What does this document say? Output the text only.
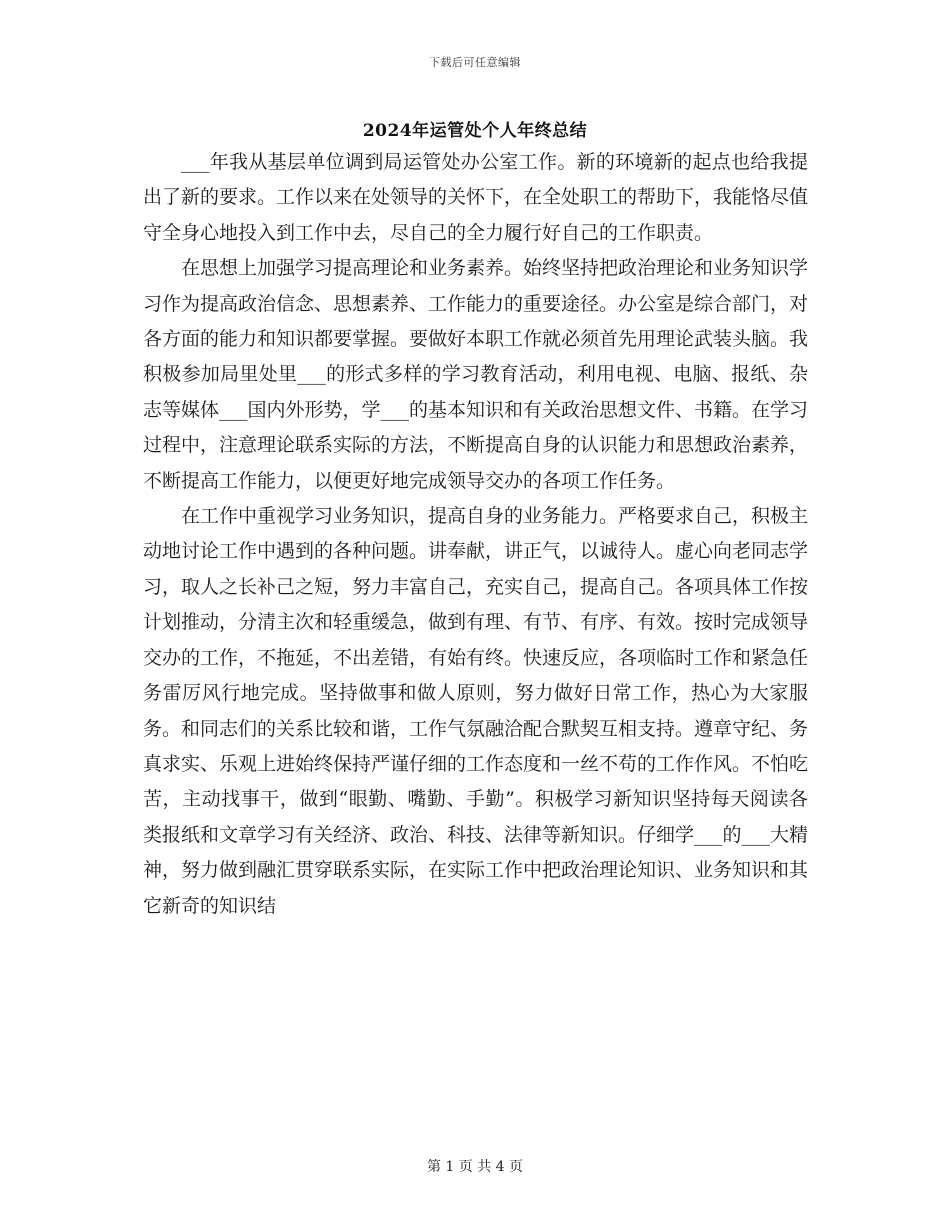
下载后可任意编辑
2024年运管处个人年终总结

___年我从基层单位调到局运管处办公室工作。新的环境新的起点也给我提出了新的要求。工作以来在处领导的关怀下，在全处职工的帮助下，我能恪尽值守全身心地投入到工作中去，尽自己的全力履行好自己的工作职责。

在思想上加强学习提高理论和业务素养。始终坚持把政治理论和业务知识学习作为提高政治信念、思想素养、工作能力的重要途径。办公室是综合部门，对各方面的能力和知识都要掌握。要做好本职工作就必须首先用理论武装头脑。我积极参加局里处里___的形式多样的学习教育活动，利用电视、电脑、报纸、杂志等媒体___国内外形势，学___的基本知识和有关政治思想文件、书籍。在学习过程中，注意理论联系实际的方法，不断提高自身的认识能力和思想政治素养，不断提高工作能力，以便更好地完成领导交办的各项工作任务。

在工作中重视学习业务知识，提高自身的业务能力。严格要求自己，积极主动地讨论工作中遇到的各种问题。讲奉献，讲正气，以诚待人。虚心向老同志学习，取人之长补己之短，努力丰富自己，充实自己，提高自己。各项具体工作按计划推动，分清主次和轻重缓急，做到有理、有节、有序、有效。按时完成领导交办的工作，不拖延，不出差错，有始有终。快速反应，各项临时工作和紧急任务雷厉风行地完成。坚持做事和做人原则，努力做好日常工作，热心为大家服务。和同志们的关系比较和谐，工作气氛融洽配合默契互相支持。遵章守纪、务真求实、乐观上进始终保持严谨仔细的工作态度和一丝不苟的工作作风。不怕吃苦，主动找事干，做到“眼勤、嘴勤、手勤”。积极学习新知识坚持每天阅读各类报纸和文章学习有关经济、政治、科技、法律等新知识。仔细学___的___大精神，努力做到融汇贯穿联系实际，在实际工作中把政治理论知识、业务知识和其它新奇的知识结

第 1 页 共 4 页
